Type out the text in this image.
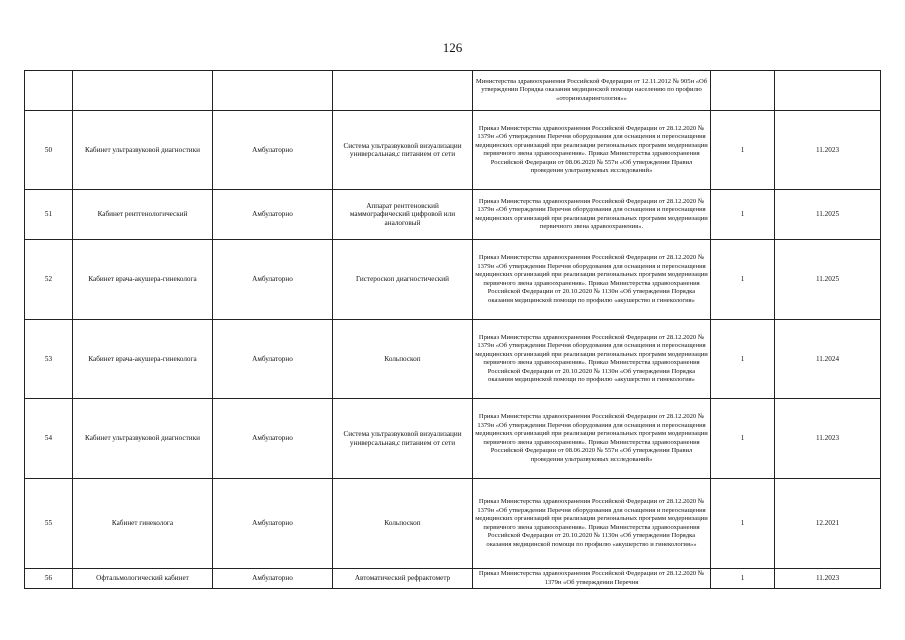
126
				Министерства здравоохранения Российской Федерации от 12.11.2012 № 905н «Об утверждении Порядка оказания медицинской помощи населению по профилю «оториноларингология»»		
50	Кабинет ультразвуковой диагностики	Амбулаторно	Система ультразвуковой визуализации универсальная,с питанием от сети	Приказ Министерства здравоохранения Российской Федерации от 28.12.2020 № 1379н «Об утверждении Перечня оборудования для оснащения и переоснащения медицинских организаций при реализации региональных программ модернизации первичного звена здравоохранения». Приказ Министерства здравоохранения Российской Федерации от 08.06.2020 № 557н «Об утверждении Правил проведения ультразвуковых исследований»	1	11.2023
51	Кабинет рентгенологический	Амбулаторно	Аппарат рентгеновский маммографический цифровой или аналоговый	Приказ Министерства здравоохранения Российской Федерации от 28.12.2020 № 1379н «Об утверждении Перечня оборудования для оснащения и переоснащения медицинских организаций при реализации региональных программ модернизации первичного звена здравоохранения».	1	11.2025
52	Кабинет врача-акушера-гинеколога	Амбулаторно	Гистероскоп диагностический	Приказ Министерства здравоохранения Российской Федерации от 28.12.2020 № 1379н «Об утверждении Перечня оборудования для оснащения и переоснащения медицинских организаций при реализации региональных программ модернизации первичного звена здравоохранения». Приказ Министерства здравоохранения Российской Федерации от 20.10.2020 № 1130н «Об утверждении Порядка оказания медицинской помощи по профилю «акушерство и гинекология»	1	11.2025
53	Кабинет врача-акушера-гинеколога	Амбулаторно	Кольпоскоп	Приказ Министерства здравоохранения Российской Федерации от 28.12.2020 № 1379н «Об утверждении Перечня оборудования для оснащения и переоснащения медицинских организаций при реализации региональных программ модернизации первичного звена здравоохранения». Приказ Министерства здравоохранения Российской Федерации от 20.10.2020 № 1130н «Об утверждении Порядка оказания медицинской помощи по профилю «акушерство и гинекология»	1	11.2024
54	Кабинет ультразвуковой диагностики	Амбулаторно	Система ультразвуковой визуализации универсальная,с питанием от сети	Приказ Министерства здравоохранения Российской Федерации от 28.12.2020 № 1379н «Об утверждении Перечня оборудования для оснащения и переоснащения медицинских организаций при реализации региональных программ модернизации первичного звена здравоохранения». Приказ Министерства здравоохранения Российской Федерации от 08.06.2020 № 557н «Об утверждении Правил проведения ультразвуковых исследований»	1	11.2023
55	Кабинет гинеколога	Амбулаторно	Кольпоскоп	Приказ Министерства здравоохранения Российской Федерации от 28.12.2020 № 1379н «Об утверждении Перечня оборудования для оснащения и переоснащения медицинских организаций при реализации региональных программ модернизации первичного звена здравоохранения». Приказ Министерства здравоохранения Российской Федерации от 20.10.2020 № 1130н «Об утверждении Порядка оказания медицинской помощи по профилю «акушерство и гинекология»»	1	12.2021
56	Офтальмологический кабинет	Амбулаторно	Автоматический рефрактометр	Приказ Министерства здравоохранения Российской Федерации от 28.12.2020 № 1379н «Об утверждении Перечня	1	11.2023
